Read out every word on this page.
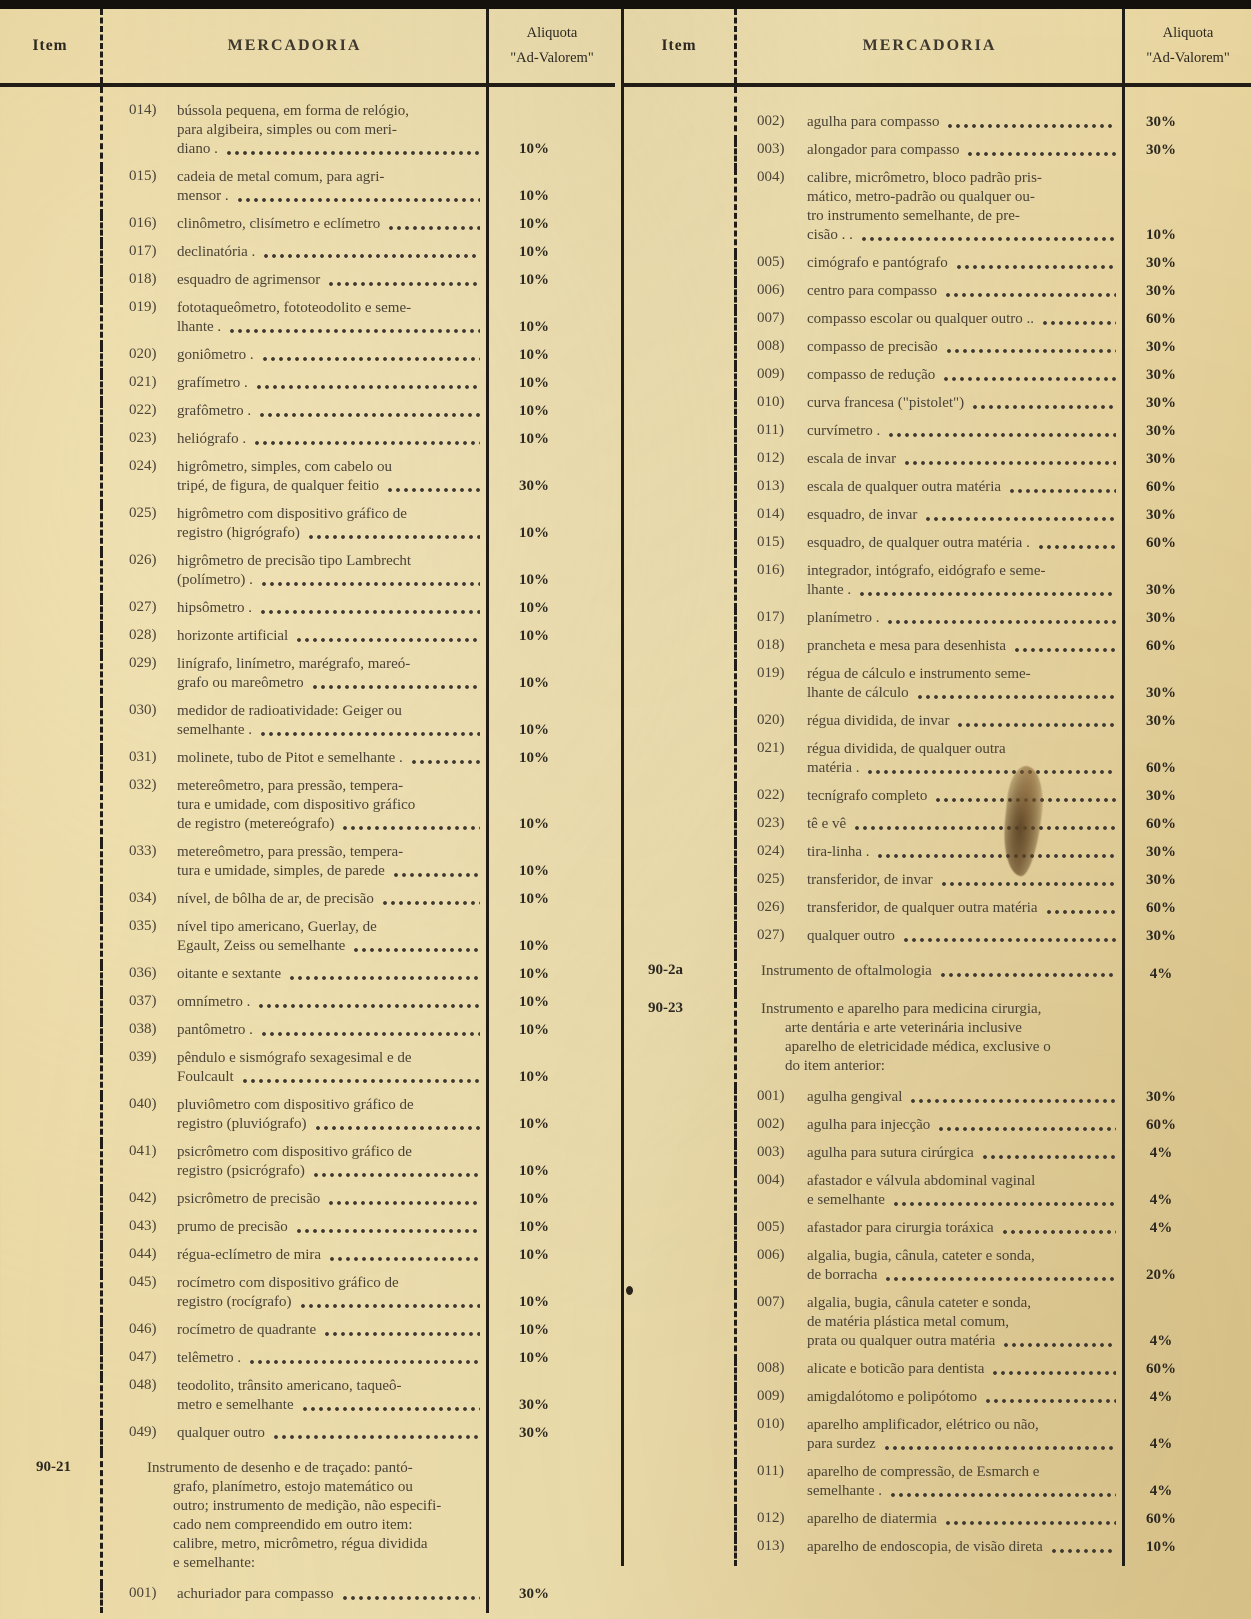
Item	MERCADORIA
Aliquota
"Ad-Valorem"
014)	bússola pequena, em forma de relógio,
para algibeira, simples ou com meri-
diano .	10%
015)	cadeia de metal comum, para agri-
mensor .	10%
016)	clinômetro, clisímetro e eclímetro	10%
017)	declinatória .	10%
018)	esquadro de agrimensor	10%
019)	fototaqueômetro, fototeodolito e seme-
lhante .	10%
020)	goniômetro .	10%
021)	grafímetro .	10%
022)	grafômetro .	10%
023)	heliógrafo .	10%
024)	higrômetro, simples, com cabelo ou
tripé, de figura, de qualquer feitio	30%
025)	higrômetro com dispositivo gráfico de
registro (higrógrafo)	10%
026)	higrômetro de precisão tipo Lambrecht
(polímetro) .	10%
027)	hipsômetro .	10%
028)	horizonte artificial	10%
029)	linígrafo, linímetro, marégrafo, mareó-
grafo ou mareômetro	10%
030)	medidor de radioatividade: Geiger ou
semelhante .	10%
031)	molinete, tubo de Pitot e semelhante .	10%
032)	metereômetro, para pressão, tempera-
tura e umidade, com dispositivo gráfico
de registro (metereógrafo)	10%
033)	metereômetro, para pressão, tempera-
tura e umidade, simples, de parede	10%
034)	nível, de bôlha de ar, de precisão	10%
035)	nível tipo americano, Guerlay, de
Egault, Zeiss ou semelhante	10%
036)	oitante e sextante	10%
037)	omnímetro .	10%
038)	pantômetro .	10%
039)	pêndulo e sismógrafo sexagesimal e de
Foulcault	10%
040)	pluviômetro com dispositivo gráfico de
registro (pluviógrafo)	10%
041)	psicrômetro com dispositivo gráfico de
registro (psicrógrafo)	10%
042)	psicrômetro de precisão	10%
043)	prumo de precisão	10%
044)	régua-eclímetro de mira	10%
045)	rocímetro com dispositivo gráfico de
registro (rocígrafo)	10%
046)	rocímetro de quadrante	10%
047)	telêmetro .	10%
048)	teodolito, trânsito americano, taqueô-
metro e semelhante	30%
049)	qualquer outro	30%
90-21	Instrumento de desenho e de traçado: pantó-
grafo, planímetro, estojo matemático ou
outro; instrumento de medição, não especifi-
cado nem compreendido em outro item:
calibre, metro, micrômetro, régua dividida
e semelhante:
001)	achuriador para compasso	30%
Item	MERCADORIA
Aliquota
"Ad-Valorem"
002)	agulha para compasso	30%
003)	alongador para compasso	30%
004)	calibre, micrômetro, bloco padrão pris-
mático, metro-padrão ou qualquer ou-
tro instrumento semelhante, de pre-
cisão . .	10%
005)	cimógrafo e pantógrafo	30%
006)	centro para compasso	30%
007)	compasso escolar ou qualquer outro ..	60%
008)	compasso de precisão	30%
009)	compasso de redução	30%
010)	curva francesa ("pistolet")	30%
011)	curvímetro .	30%
012)	escala de invar	30%
013)	escala de qualquer outra matéria	60%
014)	esquadro, de invar	30%
015)	esquadro, de qualquer outra matéria .	60%
016)	integrador, intógrafo, eidógrafo e seme-
lhante .	30%
017)	planímetro .	30%
018)	prancheta e mesa para desenhista	60%
019)	régua de cálculo e instrumento seme-
lhante de cálculo	30%
020)	régua dividida, de invar	30%
021)	régua dividida, de qualquer outra
matéria .	60%
022)	tecnígrafo completo	30%
023)	tê e vê	60%
024)	tira-linha .	30%
025)	transferidor, de invar	30%
026)	transferidor, de qualquer outra matéria	60%
027)	qualquer outro	30%
90-2a	Instrumento de oftalmologia	4%
90-23	Instrumento e aparelho para medicina cirurgia,
arte dentária e arte veterinária inclusive
aparelho de eletricidade médica, exclusive o
do item anterior:
001)	agulha gengival	30%
002)	agulha para injecção	60%
003)	agulha para sutura cirúrgica	4%
004)	afastador e válvula abdominal vaginal
e semelhante	4%
005)	afastador para cirurgia toráxica	4%
006)	algalia, bugia, cânula, cateter e sonda,
de borracha	20%
007)	algalia, bugia, cânula cateter e sonda,
de matéria plástica metal comum,
prata ou qualquer outra matéria	4%
008)	alicate e boticão para dentista	60%
009)	amigdalótomo e polipótomo	4%
010)	aparelho amplificador, elétrico ou não,
para surdez	4%
011)	aparelho de compressão, de Esmarch e
semelhante .	4%
012)	aparelho de diatermia	60%
013)	aparelho de endoscopia, de visão direta	10%
